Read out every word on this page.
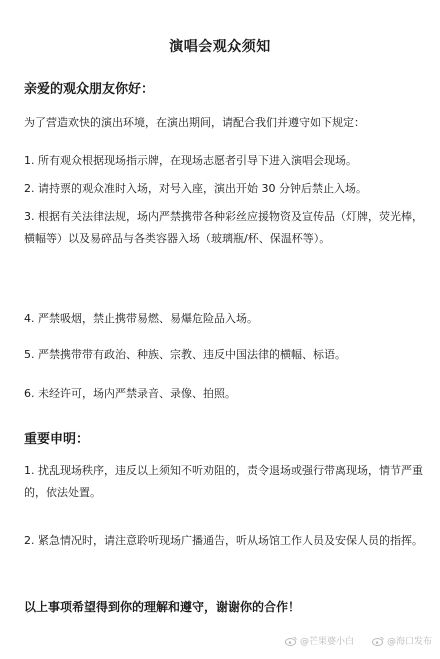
演唱会观众须知
亲爱的观众朋友你好：
为了营造欢快的演出环境，在演出期间，请配合我们并遵守如下规定：
1. 所有观众根据现场指示牌，在现场志愿者引导下进入演唱会现场。
2. 请持票的观众准时入场，对号入座，演出开始 30 分钟后禁止入场。
3. 根据有关法律法规，场内严禁携带各种彩丝应援物资及宣传品（灯牌，荧光棒，横幅等）以及易碎品与各类容器入场（玻璃瓶/杯、保温杯等）。
4. 严禁吸烟，禁止携带易燃、易爆危险品入场。
5. 严禁携带带有政治、种族、宗教、违反中国法律的横幅、标语。
6. 未经许可，场内严禁录音、录像、拍照。
重要申明：
1. 扰乱现场秩序，违反以上须知不听劝阻的，责令退场或强行带离现场，情节严重的，依法处置。
2. 紧急情况时，请注意聆听现场广播通告，听从场馆工作人员及安保人员的指挥。
以上事项希望得到你的理解和遵守，谢谢你的合作！
@芒果婆小白	@海口发布
